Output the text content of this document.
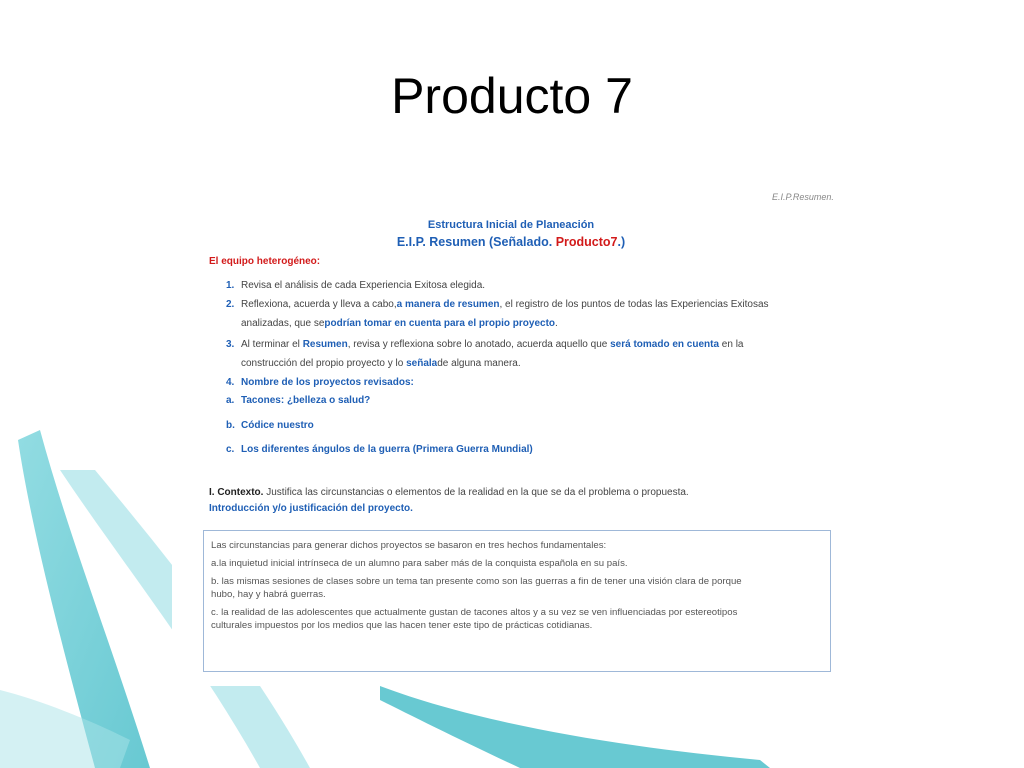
Producto 7
E.I.P.Resumen.
Estructura Inicial de Planeación
E.I.P. Resumen (Señalado. Producto7.)
El equipo heterogéneo:
1. Revisa el análisis de cada Experiencia Exitosa elegida.
2. Reflexiona, acuerda y lleva a cabo,a manera de resumen, el registro de los puntos de todas las Experiencias Exitosas
analizadas, que sepodrían tomar en cuenta para el propio proyecto.
3. Al terminar el Resumen, revisa y reflexiona sobre lo anotado, acuerda aquello que será tomado en cuenta en la
construcción del propio proyecto y lo señalade alguna manera.
4. Nombre de los proyectos revisados:
a. Tacones: ¿belleza o salud?
b. Códice nuestro
c. Los diferentes ángulos de la guerra (Primera Guerra Mundial)
I. Contexto. Justifica las circunstancias o elementos de la realidad en la que se da el problema o propuesta.
Introducción y/o justificación del proyecto.
Las circunstancias para generar dichos proyectos se basaron en tres hechos fundamentales:
a.la inquietud inicial intrínseca de un alumno para saber más de la conquista española en su país.
b. las mismas sesiones de clases sobre un tema tan presente como son las guerras a fin de tener una visión clara de porque
hubo, hay y habrá guerras.
c. la realidad de las adolescentes que actualmente gustan de tacones altos y a su vez se ven influenciadas por estereotipos
culturales impuestos por los medios que las hacen tener este tipo de prácticas cotidianas.
